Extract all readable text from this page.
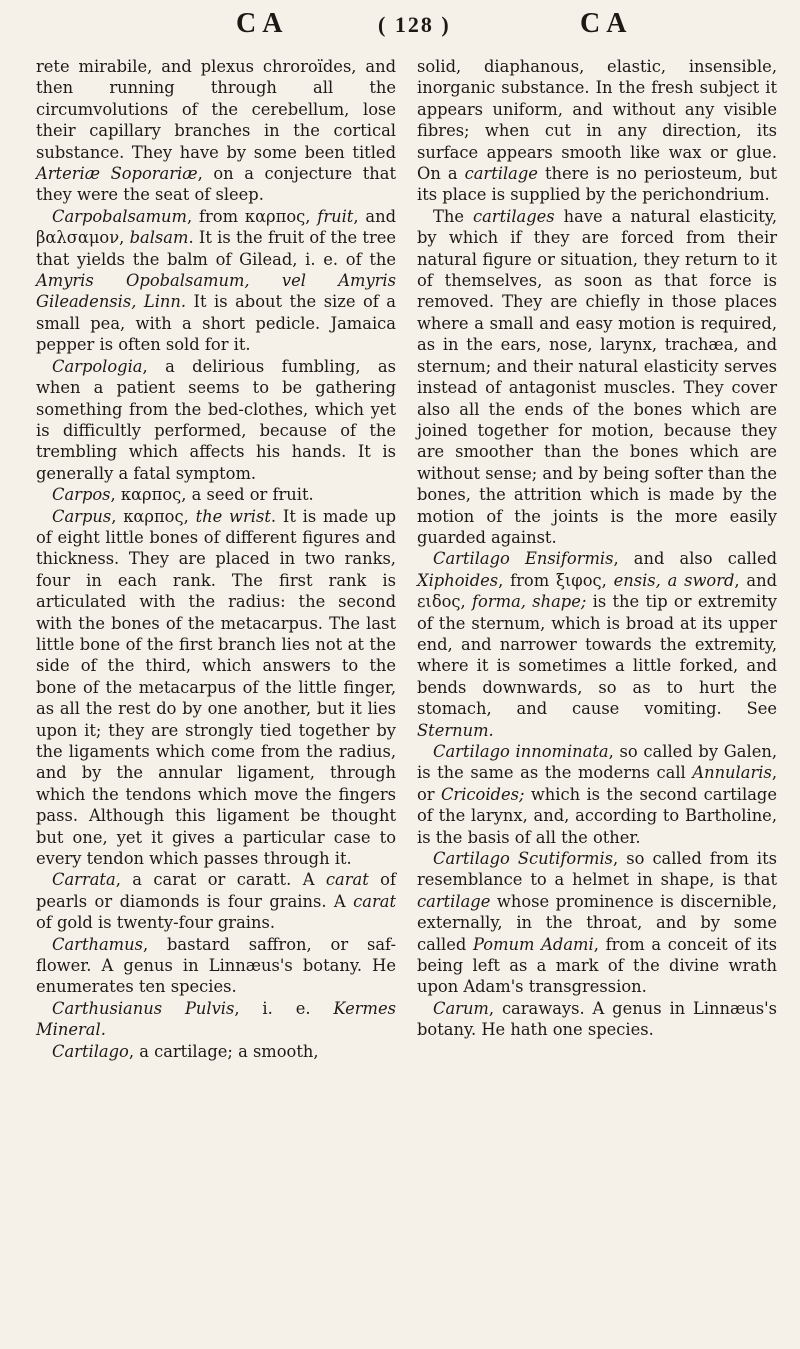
CA	( 128 )	CA

rete mirabile, and plexus chroroïdes, and then running through all the circumvolutions of the cerebellum, lose their capillary branches in the cortical substance. They have by some been titled Arteriæ Soporariæ, on a conjecture that they were the seat of sleep.

Carpobalsamum, from καρπος, fruit, and βαλσαμον, balsam. It is the fruit of the tree that yields the balm of Gilead, i. e. of the Amyris Opobalsamum, vel Amyris Gileadensis, Linn. It is about the size of a small pea, with a short pedicle. Jamaica pepper is often sold for it.

Carpologia, a delirious fumbling, as when a patient seems to be gathering something from the bed-clothes, which yet is difficultly performed, because of the trembling which affects his hands. It is generally a fatal symptom.

Carpos, καρπος, a seed or fruit.

Carpus, καρπος, the wrist. It is made up of eight little bones of different figures and thickness. They are placed in two ranks, four in each rank. The first rank is articulated with the radius: the second with the bones of the metacarpus. The last little bone of the first branch lies not at the side of the third, which answers to the bone of the metacarpus of the little finger, as all the rest do by one another, but it lies upon it; they are strongly tied together by the ligaments which come from the radius, and by the annular ligament, through which the tendons which move the fingers pass. Although this ligament be thought but one, yet it gives a particular case to every tendon which passes through it.

Carrata, a carat or caratt. A carat of pearls or diamonds is four grains. A carat of gold is twenty-four grains.

Carthamus, bastard saffron, or saf-flower. A genus in Linnæus's botany. He enumerates ten species.

Carthusianus Pulvis, i. e. Kermes Mineral.

Cartilago, a cartilage; a smooth,

solid, diaphanous, elastic, insensible, inorganic substance. In the fresh subject it appears uniform, and without any visible fibres; when cut in any direction, its surface appears smooth like wax or glue. On a cartilage there is no periosteum, but its place is supplied by the perichondrium.

The cartilages have a natural elasticity, by which if they are forced from their natural figure or situation, they return to it of themselves, as soon as that force is removed. They are chiefly in those places where a small and easy motion is required, as in the ears, nose, larynx, trachæa, and sternum; and their natural elasticity serves instead of antagonist muscles. They cover also all the ends of the bones which are joined together for motion, because they are smoother than the bones which are without sense; and by being softer than the bones, the attrition which is made by the motion of the joints is the more easily guarded against.

Cartilago Ensiformis, and also called Xiphoides, from ξιφος, ensis, a sword, and ειδος, forma, shape; is the tip or extremity of the sternum, which is broad at its upper end, and narrower towards the extremity, where it is sometimes a little forked, and bends downwards, so as to hurt the stomach, and cause vomiting. See Sternum.

Cartilago innominata, so called by Galen, is the same as the moderns call Annularis, or Cricoides; which is the second cartilage of the larynx, and, according to Bartholine, is the basis of all the other.

Cartilago Scutiformis, so called from its resemblance to a helmet in shape, is that cartilage whose prominence is discernible, externally, in the throat, and by some called Pomum Adami, from a conceit of its being left as a mark of the divine wrath upon Adam's transgression.

Carum, caraways. A genus in Linnæus's botany. He hath one species.
